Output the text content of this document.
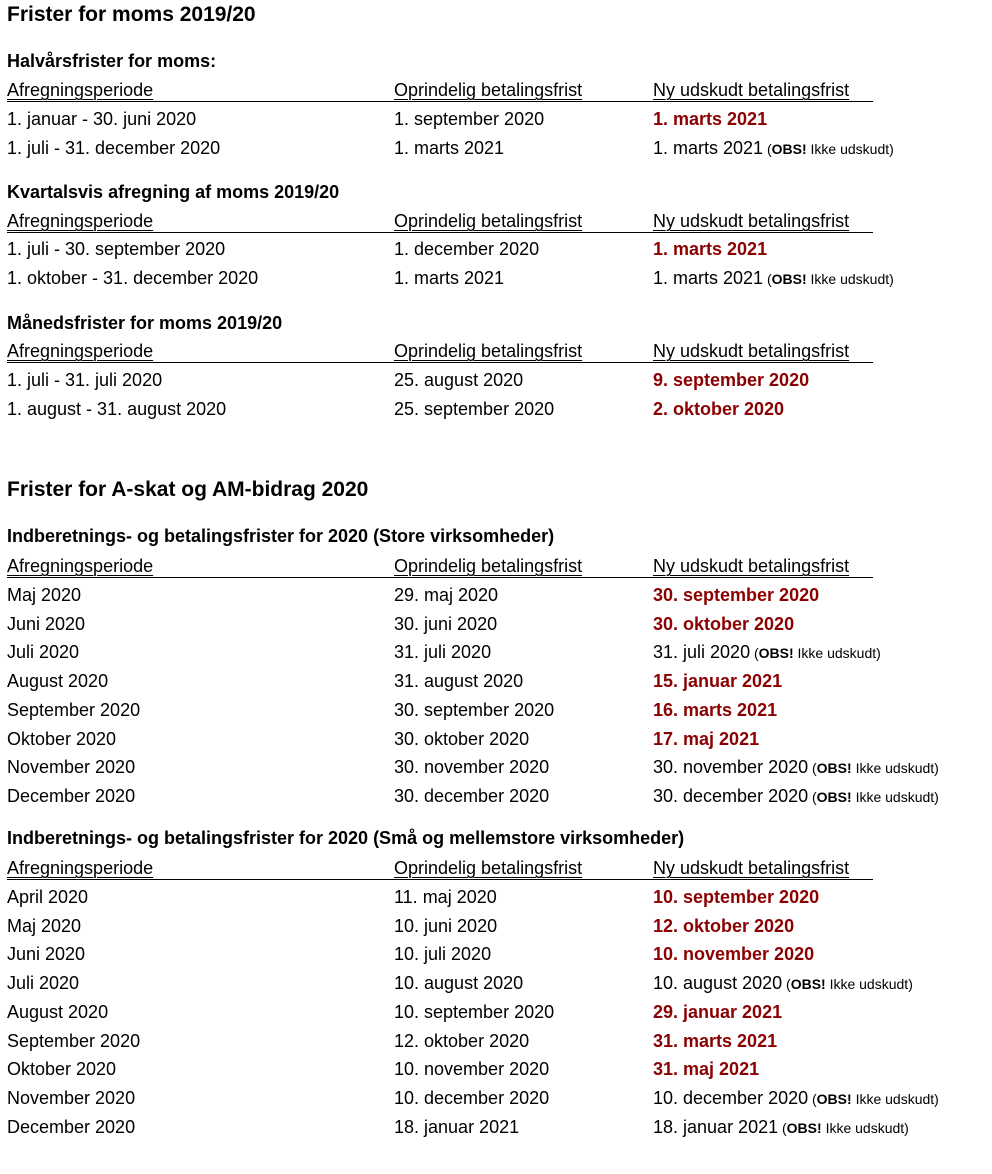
Frister for moms 2019/20
Halvårsfrister for moms:
Afregningsperiode	Oprindelig betalingsfrist	Ny udskudt betalingsfrist
1. januar - 30. juni 2020	1. september 2020	1. marts 2021
1. juli - 31. december 2020	1. marts 2021	1. marts 2021 (OBS! Ikke udskudt)
Kvartalsvis afregning af moms 2019/20
Afregningsperiode	Oprindelig betalingsfrist	Ny udskudt betalingsfrist
1. juli - 30. september 2020	1. december 2020	1. marts 2021
1. oktober - 31. december 2020	1. marts 2021	1. marts 2021 (OBS! Ikke udskudt)
Månedsfrister for moms 2019/20
Afregningsperiode	Oprindelig betalingsfrist	Ny udskudt betalingsfrist
1. juli - 31. juli 2020	25. august 2020	9. september 2020
1. august - 31. august 2020	25. september 2020	2. oktober 2020
Frister for A-skat og AM-bidrag 2020
Indberetnings- og betalingsfrister for 2020 (Store virksomheder)
Afregningsperiode	Oprindelig betalingsfrist	Ny udskudt betalingsfrist
Maj 2020	29. maj 2020	30. september 2020
Juni 2020	30. juni 2020	30. oktober 2020
Juli 2020	31. juli 2020	31. juli 2020 (OBS! Ikke udskudt)
August 2020	31. august 2020	15. januar 2021
September 2020	30. september 2020	16. marts 2021
Oktober 2020	30. oktober 2020	17. maj 2021
November 2020	30. november 2020	30. november 2020 (OBS! Ikke udskudt)
December 2020	30. december 2020	30. december 2020 (OBS! Ikke udskudt)
Indberetnings- og betalingsfrister for 2020 (Små og mellemstore virksomheder)
Afregningsperiode	Oprindelig betalingsfrist	Ny udskudt betalingsfrist
April 2020	11. maj 2020	10. september 2020
Maj 2020	10. juni 2020	12. oktober 2020
Juni 2020	10. juli 2020	10. november 2020
Juli 2020	10. august 2020	10. august 2020 (OBS! Ikke udskudt)
August 2020	10. september 2020	29. januar 2021
September 2020	12. oktober 2020	31. marts 2021
Oktober 2020	10. november 2020	31. maj 2021
November 2020	10. december 2020	10. december 2020 (OBS! Ikke udskudt)
December 2020	18. januar 2021	18. januar 2021 (OBS! Ikke udskudt)
